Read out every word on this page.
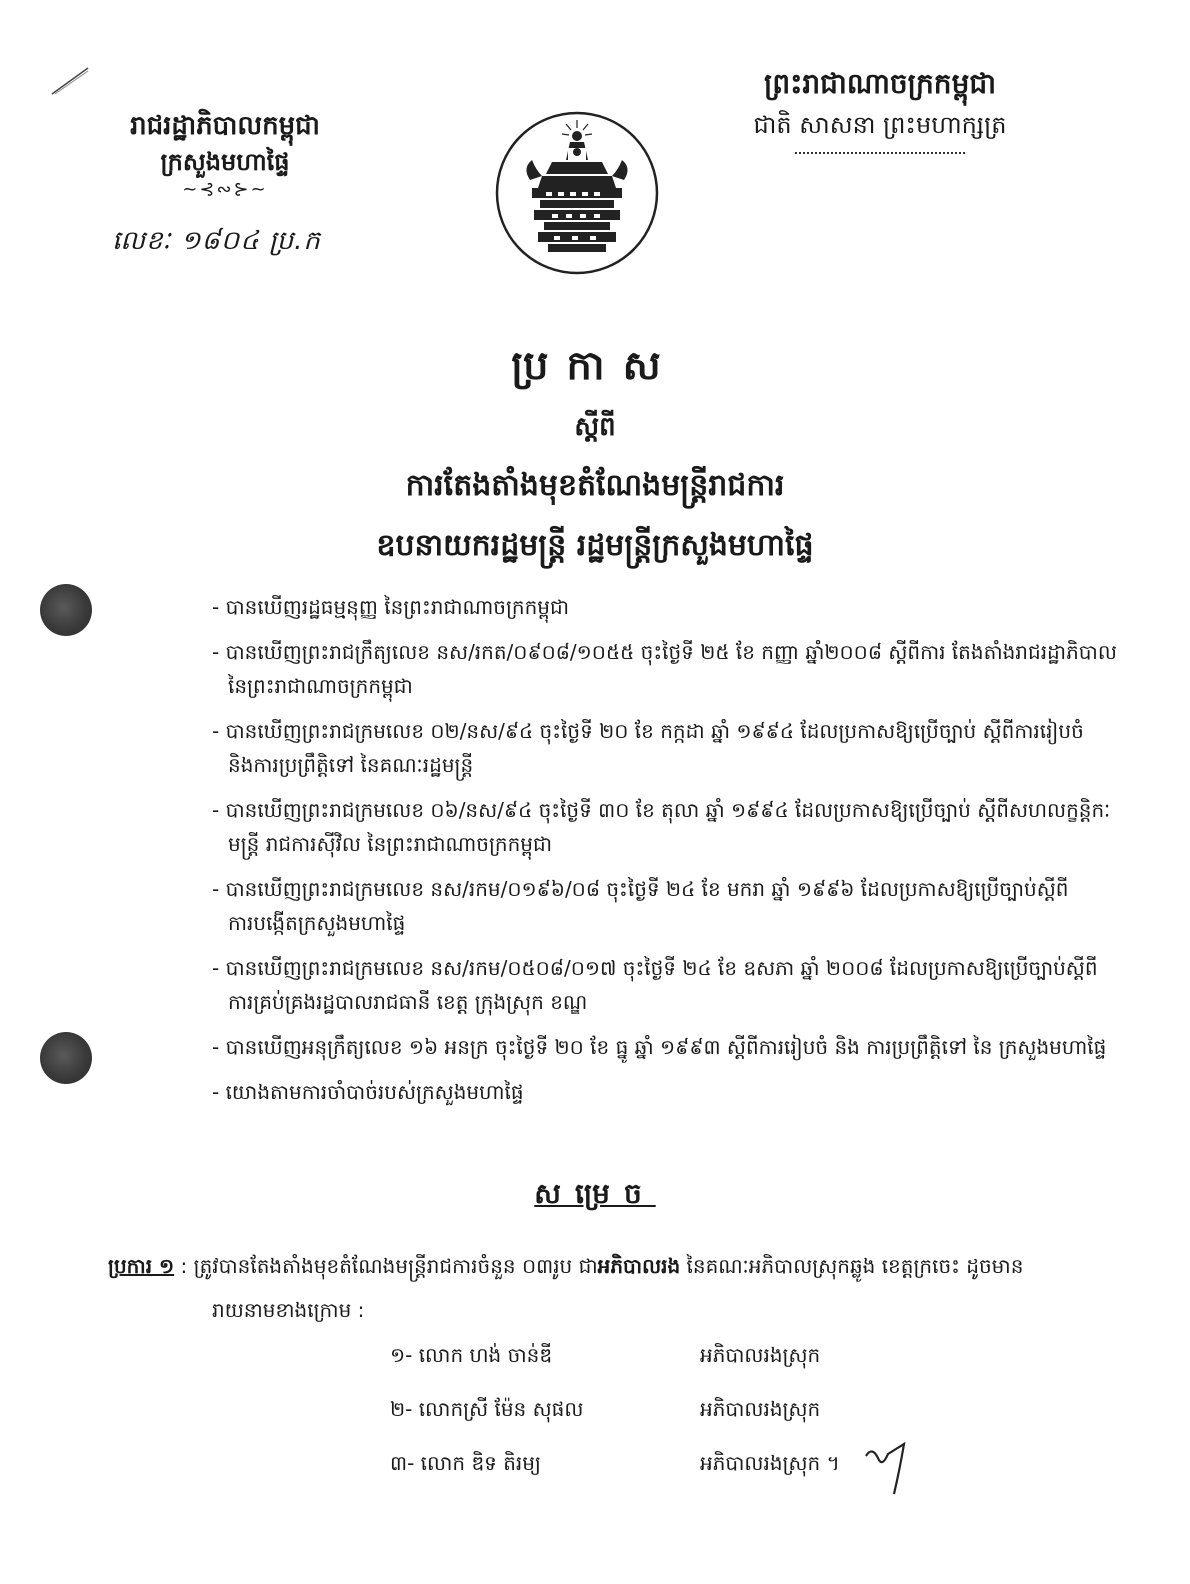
រាជរដ្ឋាភិបាលកម្ពុជា
ក្រសួងមហាផ្ទៃ
~⊰∾⊱~
លេខៈ ១៨០៤ ប្រ.ក
ព្រះរាជាណាចក្រកម្ពុជា
ជាតិ សាសនា ព្រះមហាក្សត្រ
ប្រកាស
ស្ដីពី
ការតែងតាំងមុខតំណែងមន្ត្រីរាជការ
ឧបនាយករដ្ឋមន្ត្រី រដ្ឋមន្ត្រីក្រសួងមហាផ្ទៃ
- បានឃើញរដ្ឋធម្មនុញ្ញ នៃព្រះរាជាណាចក្រកម្ពុជា
- បានឃើញព្រះរាជក្រឹត្យលេខ នស/រកត/០៩០៨/១០៥៥ ចុះថ្ងៃទី ២៥ ខែ កញ្ញា ឆ្នាំ២០០៨ ស្ដីពីការ តែងតាំងរាជរដ្ឋាភិបាល
នៃព្រះរាជាណាចក្រកម្ពុជា
- បានឃើញព្រះរាជក្រមលេខ ០២/នស/៩៤ ចុះថ្ងៃទី ២០ ខែ កក្កដា ឆ្នាំ ១៩៩៤ ដែលប្រកាសឱ្យប្រើច្បាប់ ស្ដីពីការរៀបចំ
និងការប្រព្រឹត្តិទៅ នៃគណៈរដ្ឋមន្ត្រី
- បានឃើញព្រះរាជក្រមលេខ ០៦/នស/៩៤ ចុះថ្ងៃទី ៣០ ខែ តុលា ឆ្នាំ ១៩៩៤ ដែលប្រកាសឱ្យប្រើច្បាប់ ស្ដីពីសហលក្ខន្តិកៈ
មន្ត្រី រាជការស៊ីវិល នៃព្រះរាជាណាចក្រកម្ពុជា
- បានឃើញព្រះរាជក្រមលេខ នស/រកម/០១៩៦/០៨ ចុះថ្ងៃទី ២៤ ខែ មករា ឆ្នាំ ១៩៩៦ ដែលប្រកាសឱ្យប្រើច្បាប់ស្ដីពី
ការបង្កើតក្រសួងមហាផ្ទៃ
- បានឃើញព្រះរាជក្រមលេខ នស/រកម/០៥០៨/០១៧ ចុះថ្ងៃទី ២៤ ខែ ឧសភា ឆ្នាំ ២០០៨ ដែលប្រកាសឱ្យប្រើច្បាប់ស្ដីពី
ការគ្រប់គ្រងរដ្ឋបាលរាជធានី ខេត្ត ក្រុងស្រុក ខណ្ឌ
- បានឃើញអនុក្រឹត្យលេខ ១៦ អនក្រ ចុះថ្ងៃទី ២០ ខែ ធ្នូ ឆ្នាំ ១៩៩៣ ស្ដីពីការរៀបចំ និង ការប្រព្រឹត្តិទៅ នៃ ក្រសួងមហាផ្ទៃ
- យោងតាមការចាំបាច់របស់ក្រសួងមហាផ្ទៃ
សម្រេច
ប្រការ ១ : ត្រូវបានតែងតាំងមុខតំណែងមន្ត្រីរាជការចំនួន ០៣រូប ជាអភិបាលរង នៃគណៈអភិបាលស្រុកឆ្លូង ខេត្តក្រចេះ ដូចមាន
រាយនាមខាងក្រោម :
១- លោក ហង់ ចាន់ឌី	អភិបាលរងស្រុក
២- លោកស្រី ម៉ែន សុផល	អភិបាលរងស្រុក
៣- លោក ឌិទ តិរម្យ	អភិបាលរងស្រុក ។
